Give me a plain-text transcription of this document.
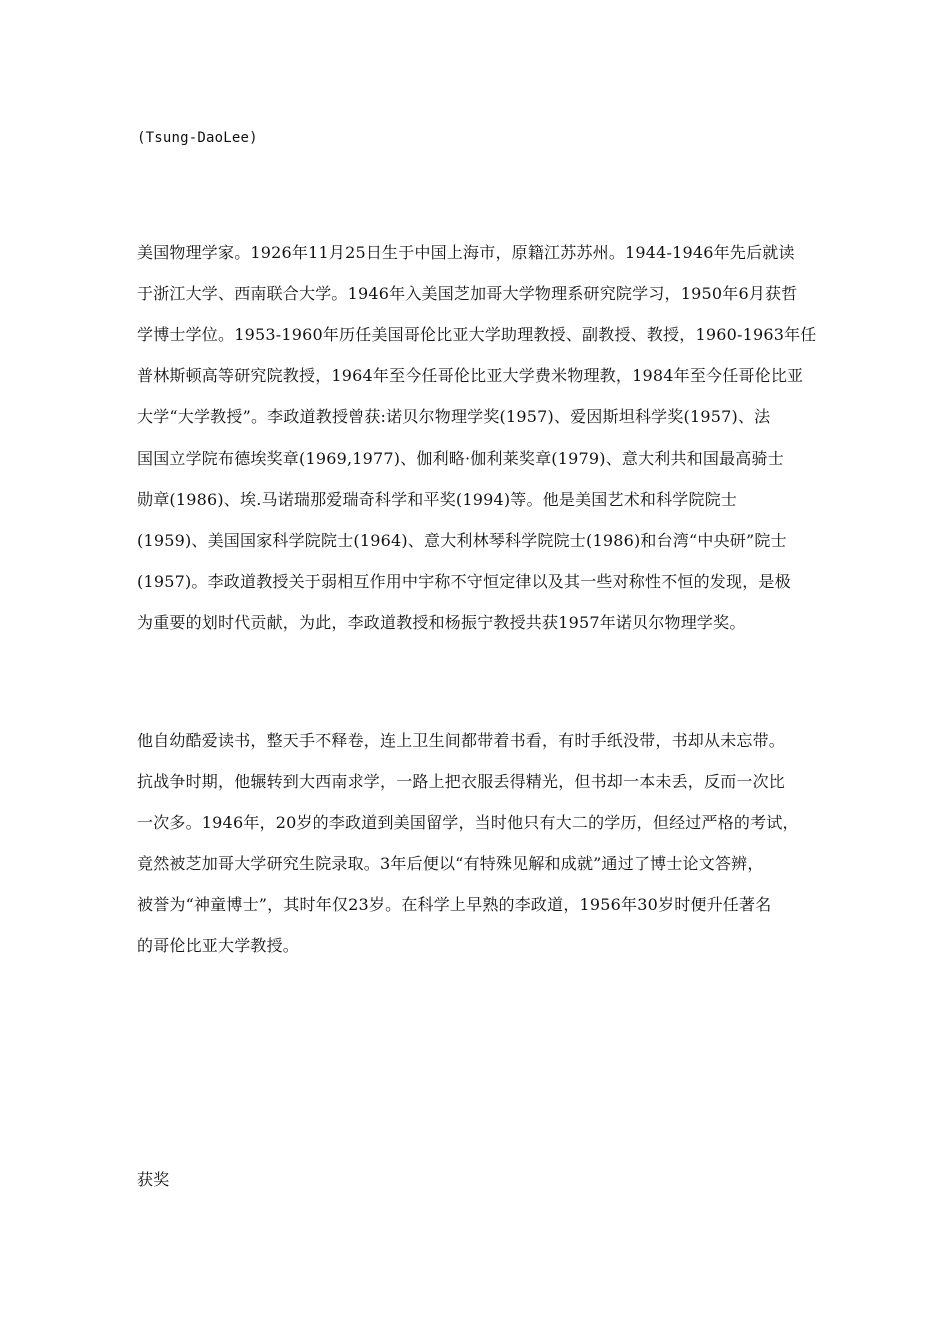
(Tsung-DaoLee)
美国物理学家。1926年11月25日生于中国上海市，原籍江苏苏州。1944-1946年先后就读
于浙江大学、西南联合大学。1946年入美国芝加哥大学物理系研究院学习，1950年6月获哲
学博士学位。1953-1960年历任美国哥伦比亚大学助理教授、副教授、教授，1960-1963年任
普林斯顿高等研究院教授，1964年至今任哥伦比亚大学费米物理教，1984年至今任哥伦比亚
大学“大学教授”。李政道教授曾获:诺贝尔物理学奖(1957)、爱因斯坦科学奖(1957)、法
国国立学院布德埃奖章(1969,1977)、伽利略·伽利莱奖章(1979)、意大利共和国最高骑士
勋章(1986)、埃.马诺瑞那爱瑞奇科学和平奖(1994)等。他是美国艺术和科学院院士
(1959)、美国国家科学院院士(1964)、意大利林琴科学院院士(1986)和台湾“中央研”院士
(1957)。李政道教授关于弱相互作用中宇称不守恒定律以及其一些对称性不恒的发现，是极
为重要的划时代贡献，为此，李政道教授和杨振宁教授共获1957年诺贝尔物理学奖。
他自幼酷爱读书，整天手不释卷，连上卫生间都带着书看，有时手纸没带，书却从未忘带。
抗战争时期，他辗转到大西南求学，一路上把衣服丢得精光，但书却一本未丢，反而一次比
一次多。1946年，20岁的李政道到美国留学，当时他只有大二的学历，但经过严格的考试，
竟然被芝加哥大学研究生院录取。3年后便以“有特殊见解和成就”通过了博士论文答辨，
被誉为“神童博士”，其时年仅23岁。在科学上早熟的李政道，1956年30岁时便升任著名
的哥伦比亚大学教授。
获奖
